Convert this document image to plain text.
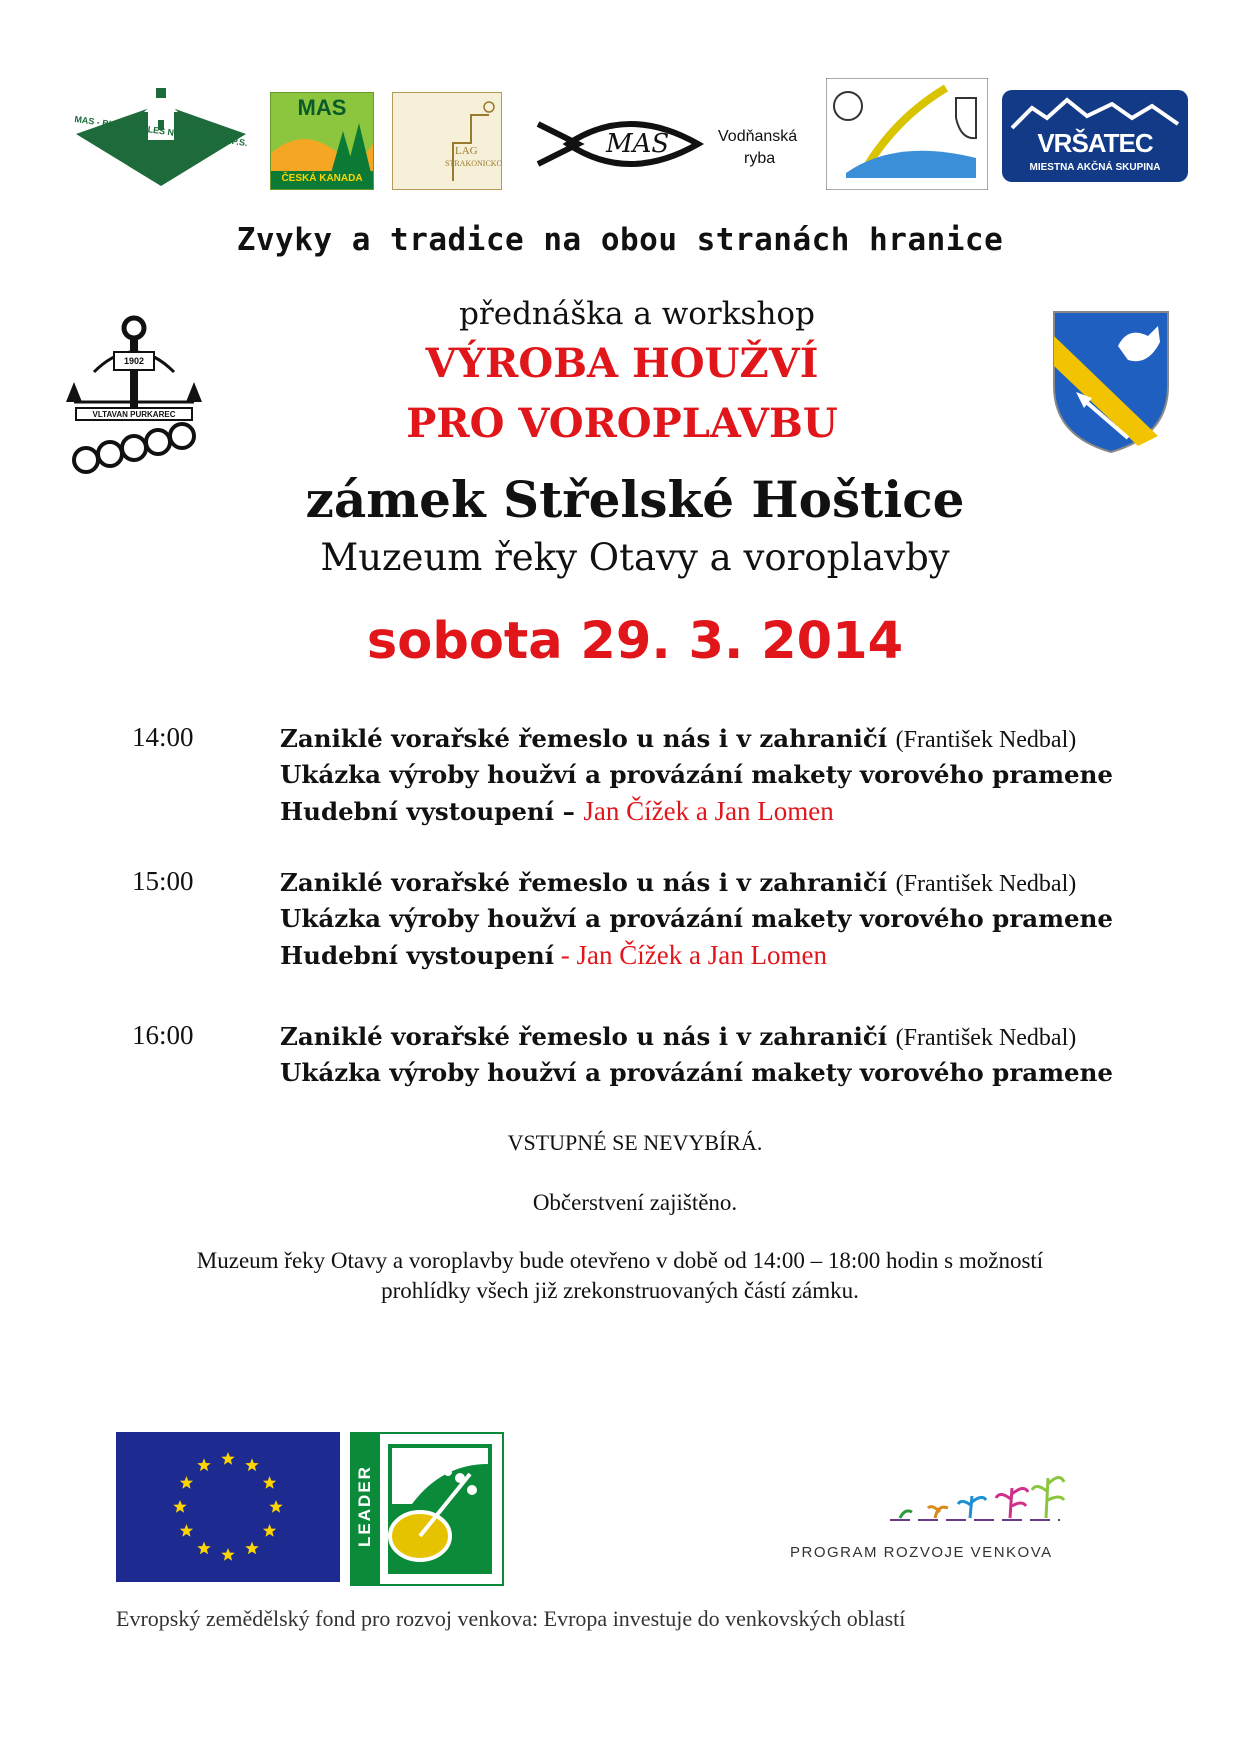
MAS - BLANSKÝ LES NETOLICKO O.P.S.
MAS
ČESKÁ KANADA
LAG
STRAKONICKO
MAS	Vodňanská
ryba
VRŠATEC
MIESTNA AKČNÁ SKUPINA
Zvyky a tradice na obou stranách hranice
1902
VLTAVAN PURKAREC
přednáška a workshop
VÝROBA HOUŽVÍ
PRO VOROPLAVBU
zámek Střelské Hoštice
Muzeum řeky Otavy a voroplavby
sobota 29. 3. 2014
14:00	Zaniklé vorařské řemeslo u nás i v zahraničí (František Nedbal)
Ukázka výroby houžví a provázání makety vorového pramene
Hudební vystoupení – Jan Čížek a Jan Lomen
15:00	Zaniklé vorařské řemeslo u nás i v zahraničí (František Nedbal)
Ukázka výroby houžví a provázání makety vorového pramene
Hudební vystoupení - Jan Čížek a Jan Lomen
16:00	Zaniklé vorařské řemeslo u nás i v zahraničí (František Nedbal)
Ukázka výroby houžví a provázání makety vorového pramene
VSTUPNÉ SE NEVYBÍRÁ.
Občerstvení zajištěno.
Muzeum řeky Otavy a voroplavby bude otevřeno v době od 14:00 – 18:00 hodin s možností
prohlídky všech již zrekonstruovaných částí zámku.
LEADER
PROGRAM ROZVOJE VENKOVA
Evropský zemědělský fond pro rozvoj venkova: Evropa investuje do venkovských oblastí
